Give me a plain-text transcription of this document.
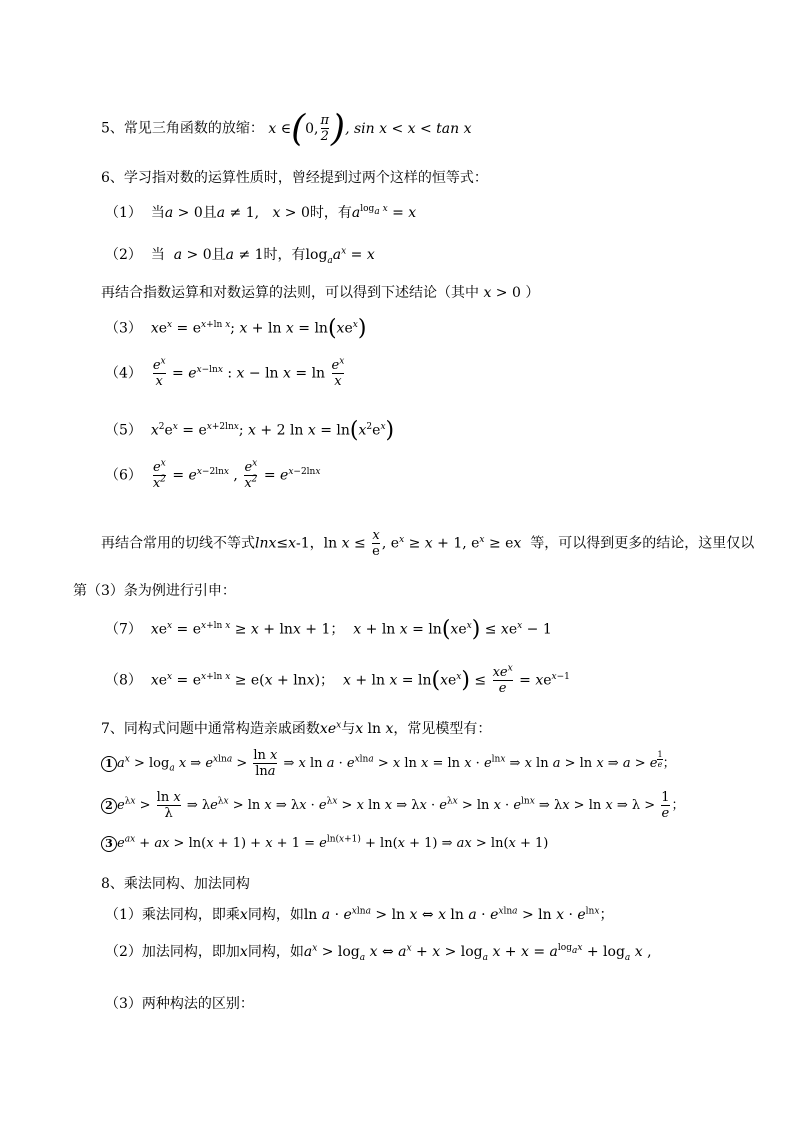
5、常见三角函数的放缩： x ∈(0, $\frac{\pi}{2}$ ), sin x < x < tan x
6、学习指对数的运算性质时，曾经提到过两个这样的恒等式：
（1） 当a > 0且a ≠ 1,   x > 0时，有$a^{log_a x} = x$
（2） 当 a > 0且a ≠ 1时，有$\log_aa^x = x$
再结合指数运算和对数运算的法则，可以得到下述结论（其中 x > 0 ）
（3） $xe^x = e^{x+ln x}$; $x + \ln x = \ln(xe^x)$
$(4) \frac{e^x}{x} = e^{x-lnx}$ : $x - \ln x = \ln \frac{e^x}{x}$
（5） $x^2e^x = e^{x+2lnx}$; x + 2 $\ln x = \ln(x^2e^x)$
$(6) \frac{e^x}{x^2} = e^{x-2lnx}$ , $\frac{e^x}{x^2} = e^{x-2lnx}$
再结合常用的切线不等式lnx≤x-1，$\ln x \le \frac{x}{e}$ , $e^x \ge x + 1$, $e^x$ ≥ ex 等，可以得到更多的结论，这里仅以
第（3）条为例进行引申：
（7） $xe^x = e^{x+ln x} \ge x + \ln x + 1$；  $x + \ln x = \ln(xe^x) \le xe^x - 1$
（8） $xe^x = e^{x+ln x} \ge e(x + \ln x)$；  $x + \ln x = \ln(xe^x) \le \frac{xe^x}{e} = xe^{x-1}$
7、同构式问题中通常构造亲戚函数$xe^x$与x ln x，常见模型有：
1 $a^x > \log_a x$ ⇒ $e^{xlna} > \frac{\text{ln x}}{\ln a}$ ⇒ x $\ln a \cdot e^{xlna} > x$ $\ln x = \ln x \cdot e^{lnx}$ ⇒ x ln a > ln x ⇒ a > e $^{\frac{1}{e}}$ ；
2 $e^{\lambda x} > \frac{\text{ln x}}{\lambda}$ ⇒ $\lambda e^{\lambda x} > \ln x$ ⇒ $\lambda x \cdot e^{\lambda x} > x$ ln x ⇒ $\lambda x \cdot e^{\lambda x} > \ln x \cdot e^{lnx}$ ⇒ λx > ln x ⇒ $\lambda > \frac{1}{e}$ ；
3 $e^{ax}$ + ax > $\ln(x + 1) + x + 1 = e^{ln(x+1)} + \ln(x + 1)$ ⇒ ax > ln(x + 1)
8、乘法同构、加法同构
（1）乘法同构，即乘x同构，如$\ln a \cdot e^{xlna} > \ln x$ ⇔ x $\ln a \cdot e^{xlna} > \ln x \cdot e^{lnx}$；
（2）加法同构，即加x同构，如$a^x > \log_a x$ ⇔ $a^x + x > \log_a x + x = a^{log_ax} + \log_a x$ ,
（3）两种构法的区别：
